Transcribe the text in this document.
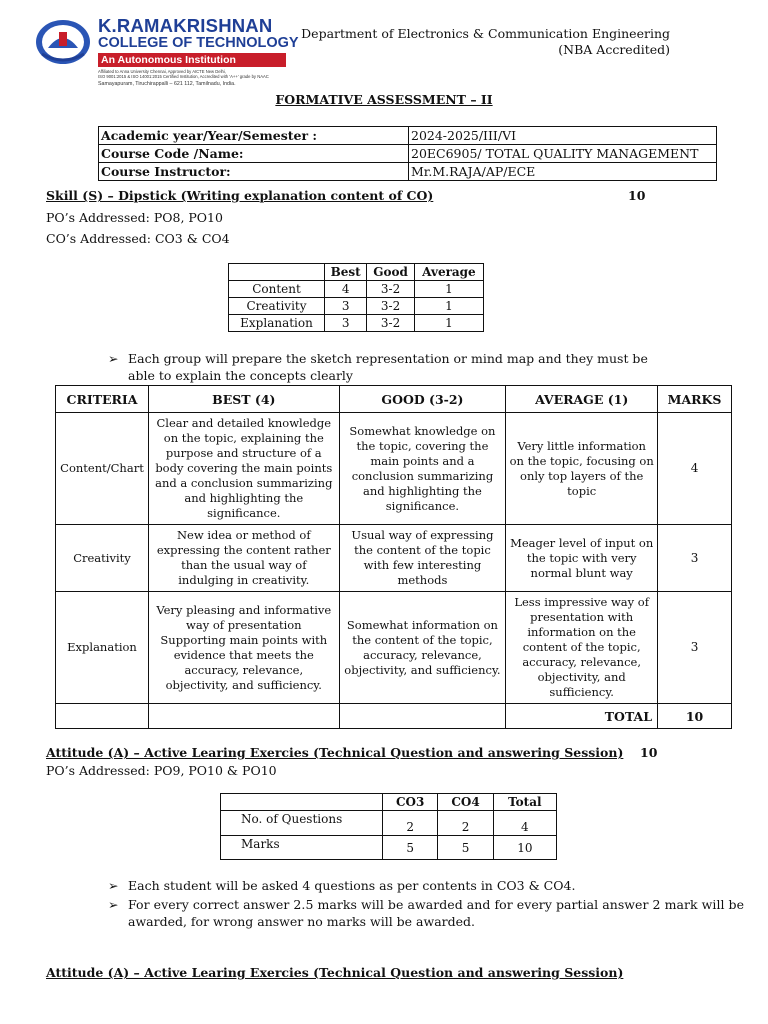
K.RAMAKRISHNAN
COLLEGE OF TECHNOLOGY
An Autonomous Institution
Affiliated to Anna University Chennai, Approved by AICTE New Delhi,
ISO 9001:2015 & ISO 14001:2015 Certified Institution, Accredited with 'A++' grade by NAAC
Samayapuram, Tiruchirappalli – 621 112, Tamilnadu, India.
Department of Electronics & Communication Engineering
(NBA Accredited)
FORMATIVE ASSESSMENT – II
Academic year/Year/Semester :	2024-2025/III/VI
Course Code /Name:	20EC6905/ TOTAL QUALITY MANAGEMENT
Course Instructor:	Mr.M.RAJA/AP/ECE
Skill (S) – Dipstick (Writing explanation content of CO)	10
PO’s Addressed: PO8, PO10
CO’s Addressed: CO3 & CO4
	Best	Good	Average
Content	4	3-2	1
Creativity	3	3-2	1
Explanation	3	3-2	1
➢ Each group will prepare the sketch representation or mind map and they must be
able to explain the concepts clearly
CRITERIA	BEST (4)	GOOD (3-2)	AVERAGE (1)	MARKS
Content/Chart	Clear and detailed knowledge on the topic, explaining the purpose and structure of a body covering the main points and a conclusion summarizing and highlighting the significance.	Somewhat knowledge on the topic, covering the main points and a conclusion summarizing and highlighting the significance.	Very little information on the topic, focusing on only top layers of the topic	4
Creativity	New idea or method of expressing the content rather than the usual way of indulging in creativity.	Usual way of expressing the content of the topic with few interesting methods	Meager level of input on the topic with very normal blunt way	3
Explanation	Very pleasing and informative way of presentation Supporting main points with evidence that meets the accuracy, relevance, objectivity, and sufficiency.	Somewhat information on the content of the topic, accuracy, relevance, objectivity, and sufficiency.	Less impressive way of presentation with information on the content of the topic, accuracy, relevance, objectivity, and sufficiency.	3
			TOTAL	10
Attitude (A) – Active Learing Exercies (Technical Question and answering Session) 10
PO’s Addressed: PO9, PO10 & PO10
	CO3	CO4	Total
No. of Questions	2	2	4
Marks	5	5	10
➢ Each student will be asked 4 questions as per contents in CO3 & CO4.
➢ For every correct answer 2.5 marks will be awarded and for every partial answer 2 mark will be
awarded, for wrong answer no marks will be awarded.
Attitude (A) – Active Learing Exercies (Technical Question and answering Session)
